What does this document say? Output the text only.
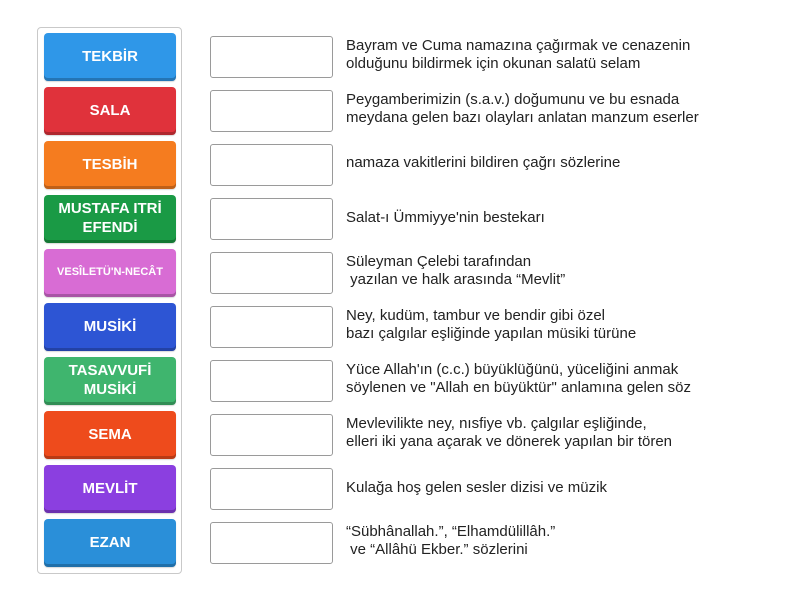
TEKBİR
SALA
TESBİH
MUSTAFA ITRİ EFENDİ
VESÎLETÜ'N-NECÂT
MUSİKİ
TASAVVUFİ MUSİKİ
SEMA
MEVLİT
EZAN
Bayram ve Cuma namazına çağırmak ve cenazenin
olduğunu bildirmek için okunan salatü selam
Peygamberimizin (s.a.v.) doğumunu ve bu esnada
meydana gelen bazı olayları anlatan manzum eserler
namaza vakitlerini bildiren çağrı sözlerine
Salat-ı Ümmiyye'nin bestekarı
Süleyman Çelebi tarafından
yazılan ve halk arasında “Mevlit”
Ney, kudüm, tambur ve bendir gibi özel
bazı çalgılar eşliğinde yapılan müsiki türüne
Yüce Allah'ın (c.c.) büyüklüğünü, yüceliğini anmak
söylenen ve "Allah en büyüktür" anlamına gelen söz
Mevlevilikte ney, nısfiye vb. çalgılar eşliğinde,
elleri iki yana açarak ve dönerek yapılan bir tören
Kulağa hoş gelen sesler dizisi ve müzik
“Sübhânallah.”, “Elhamdülillâh.”
ve “Allâhü Ekber.” sözlerini
